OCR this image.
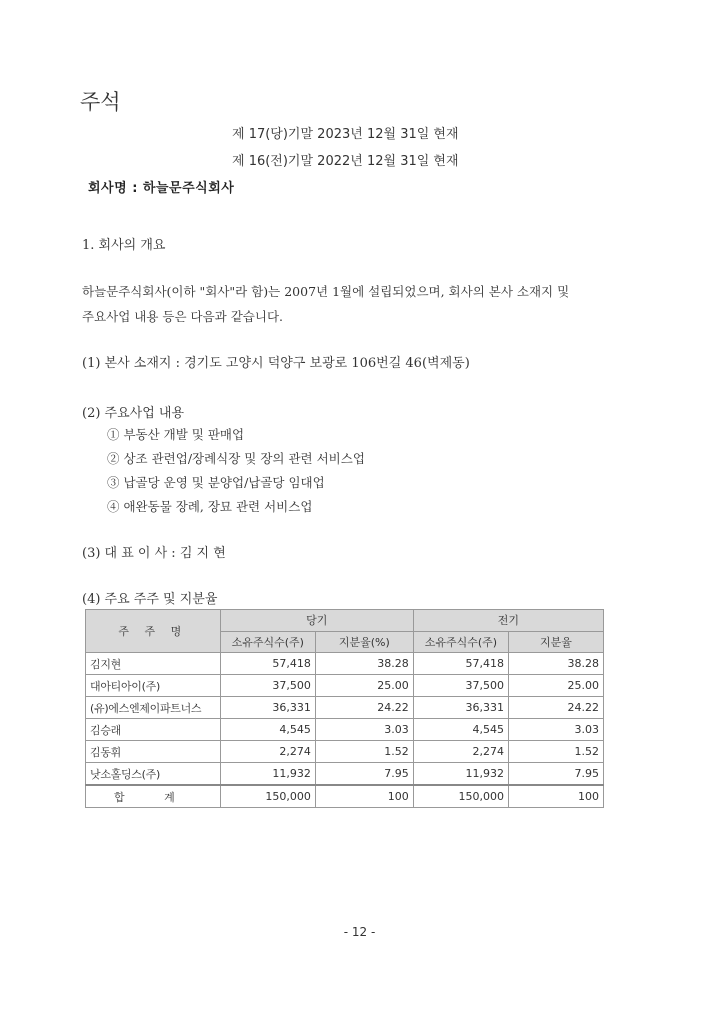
주석
제 17(당)기말 2023년 12월 31일 현재
제 16(전)기말 2022년 12월 31일 현재
회사명 : 하늘문주식회사
1. 회사의 개요
하늘문주식회사(이하 "회사"라 함)는 2007년 1월에 설립되었으며, 회사의 본사 소재지 및
주요사업 내용 등은 다음과 같습니다.
(1) 본사 소재지 : 경기도 고양시 덕양구 보광로 106번길 46(벽제동)
(2) 주요사업 내용
① 부동산 개발 및 판매업
② 상조 관련업/장례식장 및 장의 관련 서비스업
③ 납골당 운영 및 분양업/납골당 임대업
④ 애완동물 장례, 장묘 관련 서비스업
(3) 대 표 이 사 : 김 지 현
(4) 주요 주주 및 지분율
주 주 명	당기		전기	
	소유주식수(주)	지분율(%)	소유주식수(주)	지분율
김지현	57,418	38.28	57,418	38.28
대아티아이(주)	37,500	25.00	37,500	25.00
(유)에스엔제이파트너스	36,331	24.22	36,331	24.22
김승래	4,545	3.03	4,545	3.03
김동휘	2,274	1.52	2,274	1.52
낫소홀딩스(주)	11,932	7.95	11,932	7.95
합 계	150,000	100	150,000	100
- 12 -
